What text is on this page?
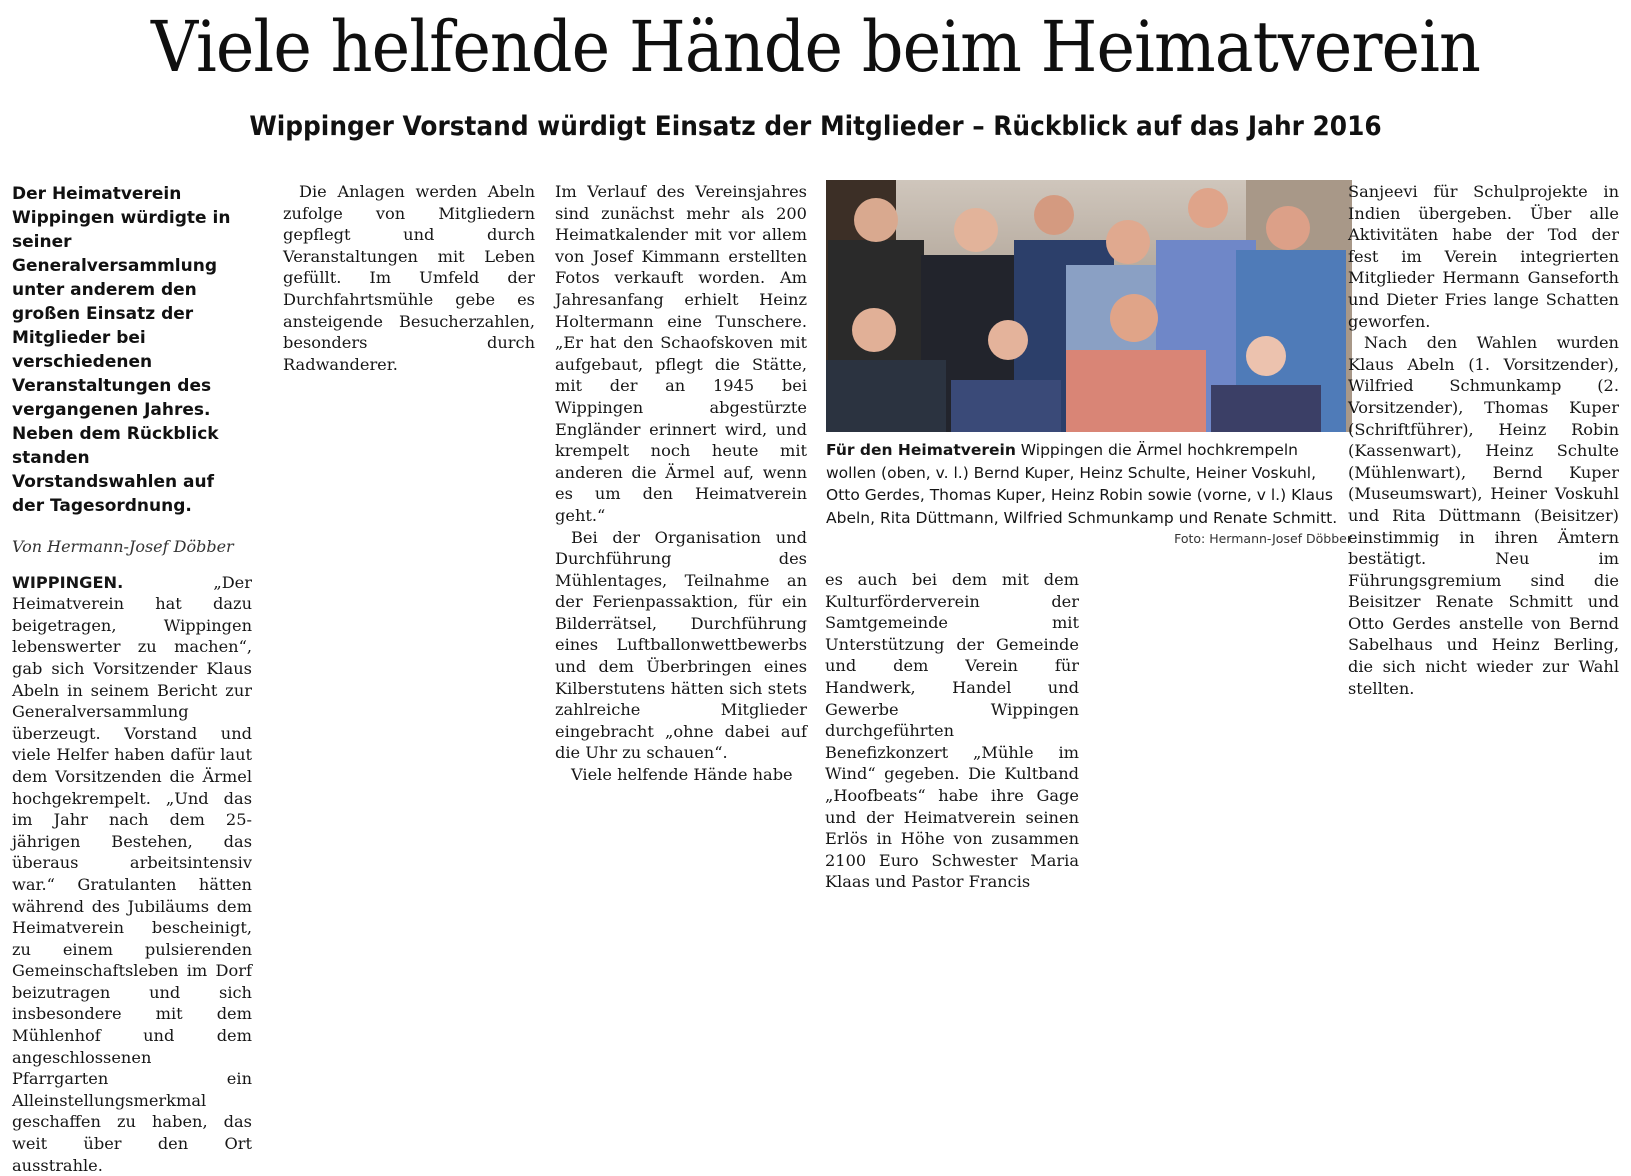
Viele helfende Hände beim Heimatverein
Wippinger Vorstand würdigt Einsatz der Mitglieder – Rückblick auf das Jahr 2016

Der Heimatverein Wippingen würdigte in seiner Generalversammlung unter anderem den großen Einsatz der Mitglieder bei verschiedenen Veranstaltungen des vergangenen Jahres. Neben dem Rückblick standen Vorstandswahlen auf der Tagesordnung.

Von Hermann-Josef Döbber

WIPPINGEN.	„Der Heimatverein hat dazu beigetragen, Wippingen lebenswerter zu machen“, gab sich Vorsitzender Klaus Abeln in seinem Bericht zur Generalversammlung überzeugt. Vorstand und viele Helfer haben dafür laut dem Vorsitzenden die Ärmel hochgekrempelt. „Und das im Jahr nach dem 25-jährigen Bestehen, das überaus arbeitsintensiv war.“ Gratulanten hätten während des Jubiläums dem Heimatverein bescheinigt, zu einem pulsierenden Gemeinschaftsleben im Dorf beizutragen und sich insbesondere mit dem Mühlenhof und dem angeschlossenen Pfarrgarten ein Alleinstellungsmerkmal geschaffen zu haben, das weit über den Ort ausstrahle.

Die Anlagen werden Abeln zufolge von Mitgliedern gepflegt und durch Veranstaltungen mit Leben gefüllt. Im Umfeld der Durchfahrtsmühle gebe es ansteigende Besucherzahlen, besonders durch Radwanderer.

Im Verlauf des Vereinsjahres sind zunächst mehr als 200 Heimatkalender mit vor allem von Josef Kimmann erstellten Fotos verkauft worden. Am Jahresanfang erhielt Heinz Holtermann eine Tunschere. „Er hat den Schaofskoven mit aufgebaut, pflegt die Stätte, mit der an 1945 bei Wippingen abgestürzte Engländer erinnert wird, und krempelt noch heute mit anderen die Ärmel auf, wenn es um den Heimatverein geht.“

Bei der Organisation und Durchführung des Mühlentages, Teilnahme an der Ferienpassaktion, für ein Bilderrätsel, Durchführung eines Luftballonwettbewerbs und dem Überbringen eines Kilberstutens hätten sich stets zahlreiche Mitglieder eingebracht „ohne dabei auf die Uhr zu schauen“.

Viele helfende Hände habe

Für den Heimatverein Wippingen die Ärmel hochkrempeln wollen (oben, v. l.) Bernd Kuper, Heinz Schulte, Heiner Voskuhl, Otto Gerdes, Thomas Kuper, Heinz Robin sowie (vorne, v l.) Klaus Abeln, Rita Düttmann, Wilfried Schmunkamp und Renate Schmitt.
Foto: Hermann-Josef Döbber

es auch bei dem mit dem Kulturförderverein der Samtgemeinde mit Unterstützung der Gemeinde und dem Verein für Handwerk, Handel und Gewerbe Wippingen durchgeführten Benefizkonzert „Mühle im Wind“ gegeben. Die Kultband „Hoofbeats“ habe ihre Gage und der Heimatverein seinen Erlös in Höhe von zusammen 2100 Euro Schwester Maria Klaas und Pastor Francis

Sanjeevi für Schulprojekte in Indien übergeben. Über alle Aktivitäten habe der Tod der fest im Verein integrierten Mitglieder Hermann Ganseforth und Dieter Fries lange Schatten geworfen.

Nach den Wahlen wurden Klaus Abeln (1. Vorsitzender), Wilfried Schmunkamp (2. Vorsitzender), Thomas Kuper (Schriftführer), Heinz Robin (Kassenwart), Heinz Schulte (Mühlenwart), Bernd Kuper (Museumswart), Heiner Voskuhl und Rita Düttmann (Beisitzer) einstimmig in ihren Ämtern bestätigt. Neu im Führungsgremium sind die Beisitzer Renate Schmitt und Otto Gerdes anstelle von Bernd Sabelhaus und Heinz Berling, die sich nicht wieder zur Wahl stellten.
